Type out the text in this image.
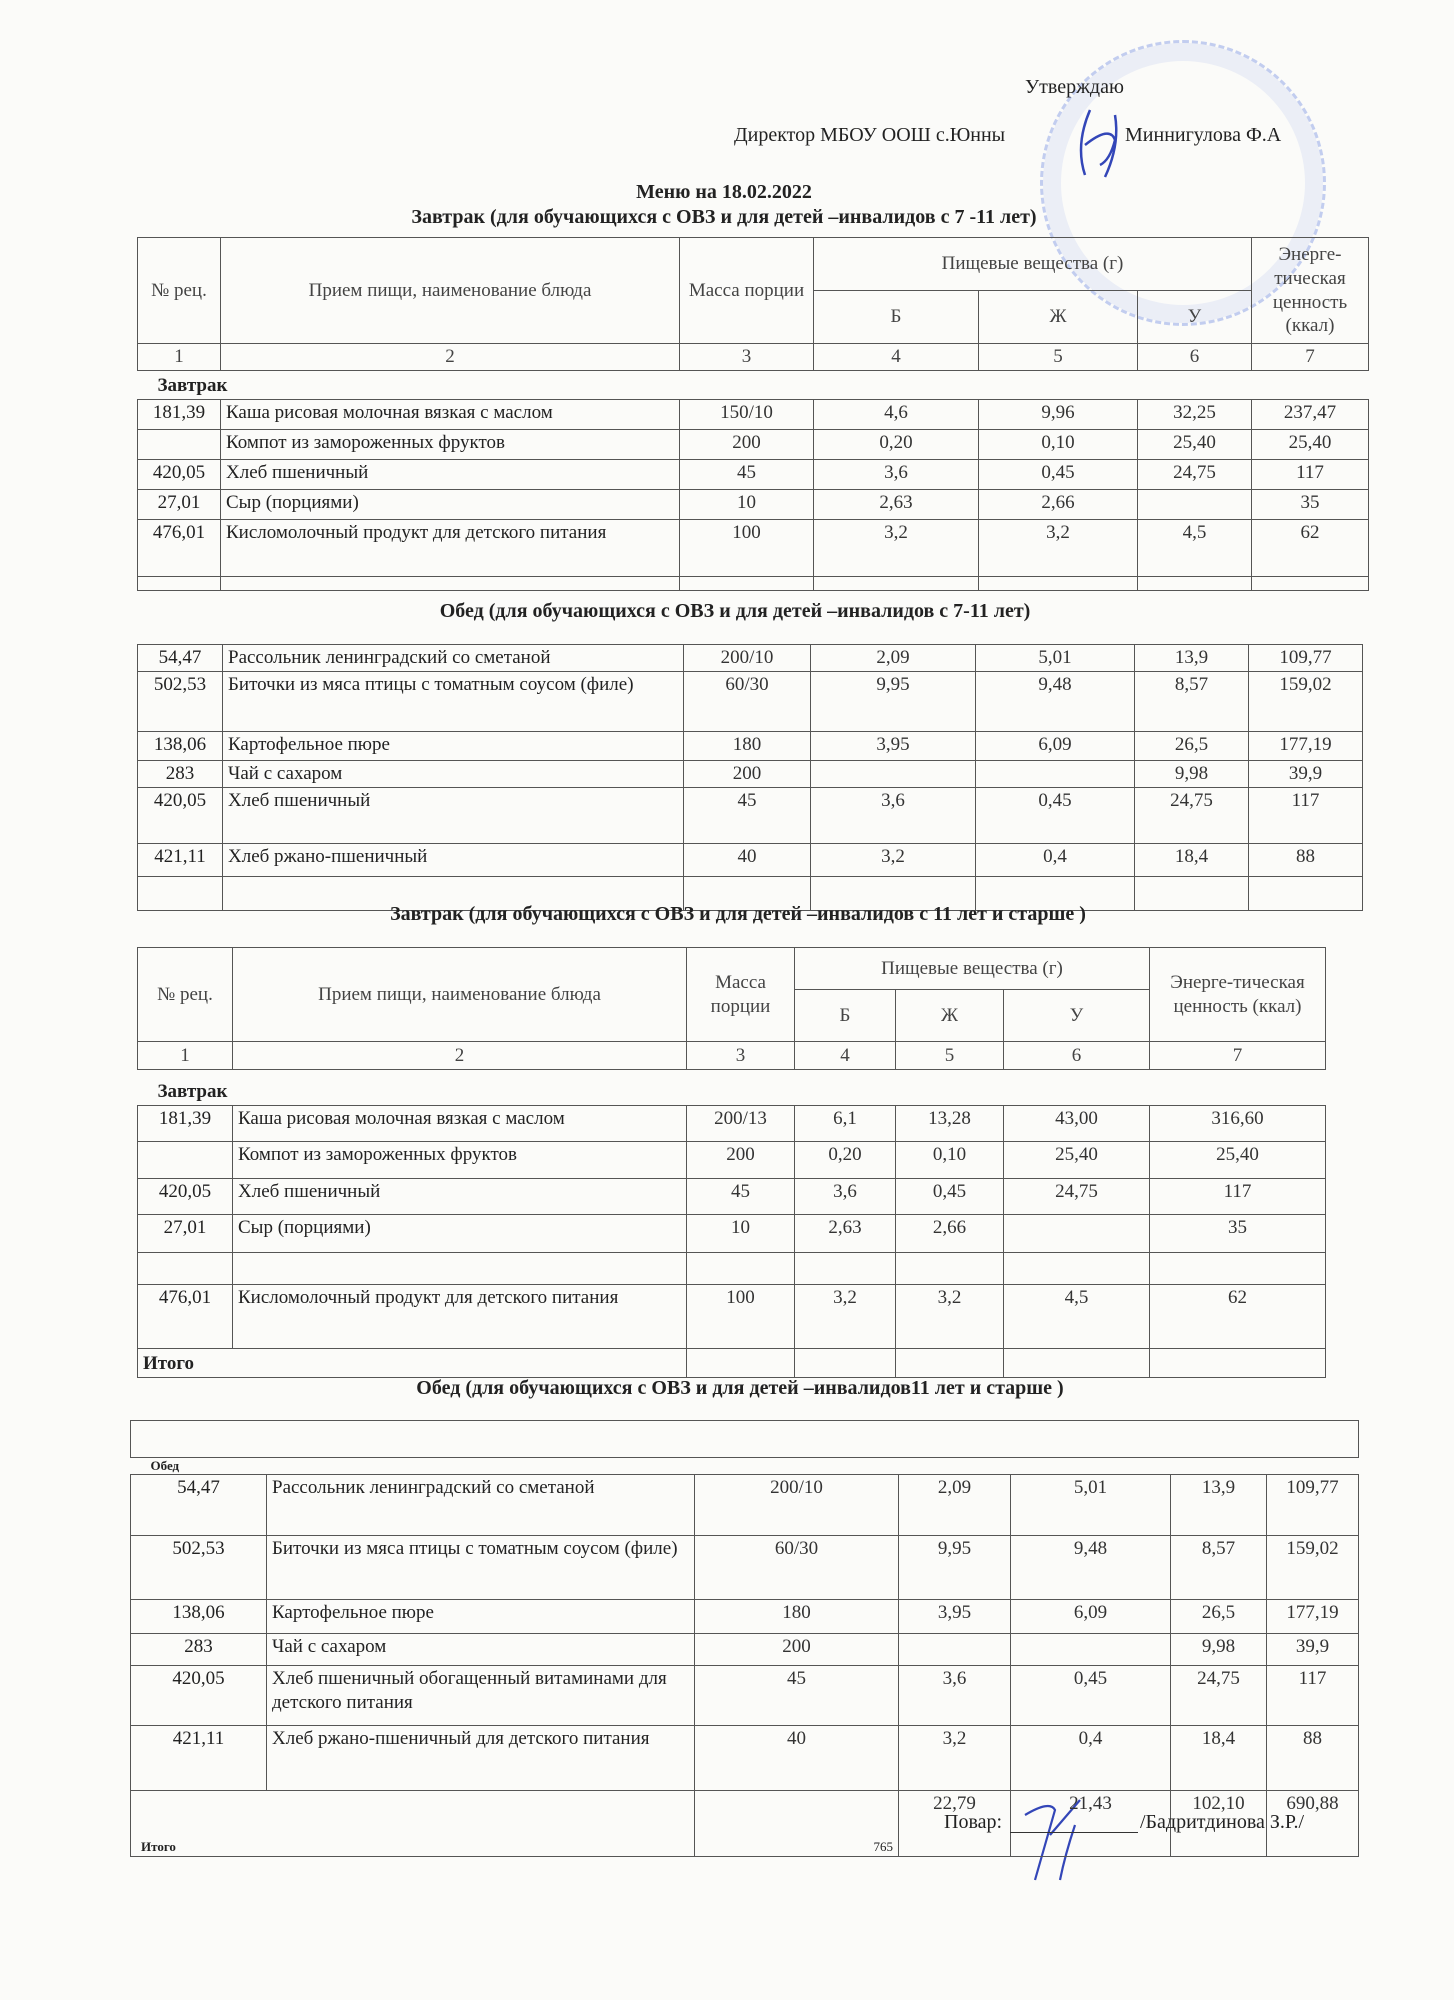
Утверждаю
Директор МБОУ ООШ с.Юнны	Миннигулова Ф.А
Меню на 18.02.2022
Завтрак (для обучающихся с ОВЗ и для детей –инвалидов с 7 -11 лет)
№ рец.	Прием пищи, наименование блюда	Масса порции	Пищевые вещества (г)			Энерге-тическая ценность (ккал)
			Б	Ж	У	
1	2	3	4	5	6	7
Завтрак						
181,39	Каша рисовая молочная вязкая с маслом	150/10	4,6	9,96	32,25	237,47
	Компот из замороженных фруктов	200	0,20	0,10	25,40	25,40
420,05	Хлеб пшеничный	45	3,6	0,45	24,75	117
27,01	Сыр (порциями)	10	2,63	2,66		35
476,01	Кисломолочный продукт для детского питания	100	3,2	3,2	4,5	62

Обед (для обучающихся с ОВЗ и для детей –инвалидов с 7-11 лет)
54,47	Рассольник ленинградский со сметаной	200/10	2,09	5,01	13,9	109,77
502,53	Биточки из мяса птицы с томатным соусом (филе)	60/30	9,95	9,48	8,57	159,02
138,06	Картофельное пюре	180	3,95	6,09	26,5	177,19
283	Чай с сахаром	200			9,98	39,9
420,05	Хлеб пшеничный	45	3,6	0,45	24,75	117
421,11	Хлеб ржано-пшеничный	40	3,2	0,4	18,4	88

Завтрак (для обучающихся с ОВЗ и для детей –инвалидов с 11 лет и старше )
№ рец.	Прием пищи, наименование блюда	Масса порции	Пищевые вещества (г)			Энерге-тическая ценность (ккал)
			Б	Ж	У	
1	2	3	4	5	6	7
Завтрак						
181,39	Каша рисовая молочная вязкая с маслом	200/13	6,1	13,28	43,00	316,60
	Компот из замороженных фруктов	200	0,20	0,10	25,40	25,40
420,05	Хлеб пшеничный	45	3,6	0,45	24,75	117
27,01	Сыр (порциями)	10	2,63	2,66		35

476,01	Кисломолочный продукт для детского питания	100	3,2	3,2	4,5	62
Итого						
Обед (для обучающихся с ОВЗ и для детей –инвалидов11 лет и старше )

Обед						
54,47	Рассольник ленинградский со сметаной	200/10	2,09	5,01	13,9	109,77
502,53	Биточки из мяса птицы с томатным соусом (филе)	60/30	9,95	9,48	8,57	159,02
138,06	Картофельное пюре	180	3,95	6,09	26,5	177,19
283	Чай с сахаром	200			9,98	39,9
420,05	Хлеб пшеничный обогащенный витаминами для детского питания	45	3,6	0,45	24,75	117
421,11	Хлеб ржано-пшеничный для детского питания	40	3,2	0,4	18,4	88
Итого		765	22,79	21,43	102,10	690,88
Повар:	/Бадритдинова З.Р./
